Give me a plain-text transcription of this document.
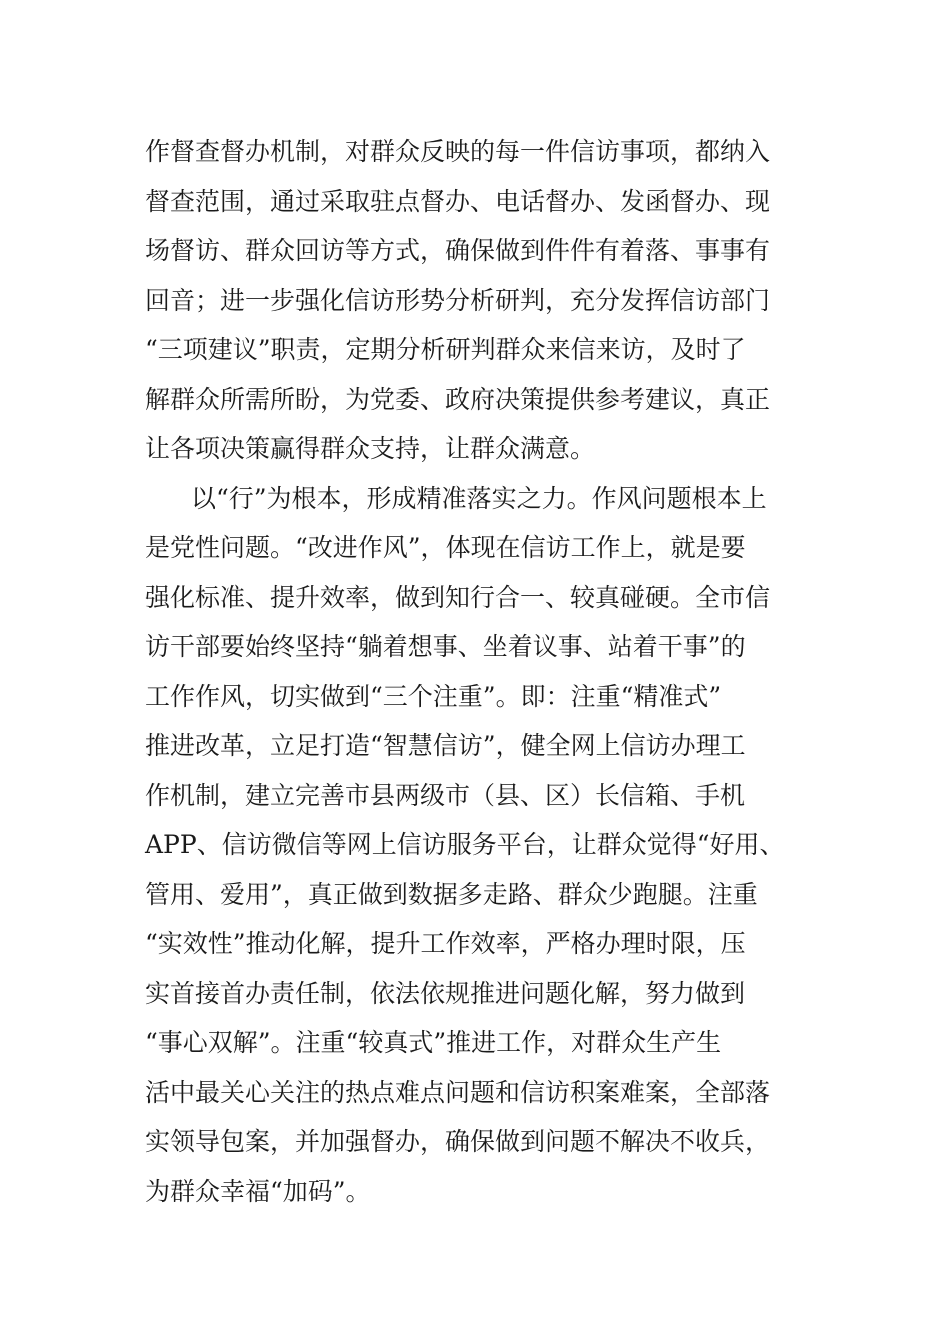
作督查督办机制，对群众反映的每一件信访事项，都纳入
督查范围，通过采取驻点督办、电话督办、发函督办、现
场督访、群众回访等方式，确保做到件件有着落、事事有
回音；进一步强化信访形势分析研判，充分发挥信访部门
“三项建议”职责，定期分析研判群众来信来访，及时了
解群众所需所盼，为党委、政府决策提供参考建议，真正
让各项决策赢得群众支持，让群众满意。
以“行”为根本，形成精准落实之力。作风问题根本上
是党性问题。“改进作风”，体现在信访工作上，就是要
强化标准、提升效率，做到知行合一、较真碰硬。全市信
访干部要始终坚持“躺着想事、坐着议事、站着干事”的
工作作风，切实做到“三个注重”。即：注重“精准式”
推进改革，立足打造“智慧信访”，健全网上信访办理工
作机制，建立完善市县两级市（县、区）长信箱、手机
APP、信访微信等网上信访服务平台，让群众觉得“好用、
管用、爱用”，真正做到数据多走路、群众少跑腿。注重
“实效性”推动化解，提升工作效率，严格办理时限，压
实首接首办责任制，依法依规推进问题化解，努力做到
“事心双解”。注重“较真式”推进工作，对群众生产生
活中最关心关注的热点难点问题和信访积案难案，全部落
实领导包案，并加强督办，确保做到问题不解决不收兵，
为群众幸福“加码”。
